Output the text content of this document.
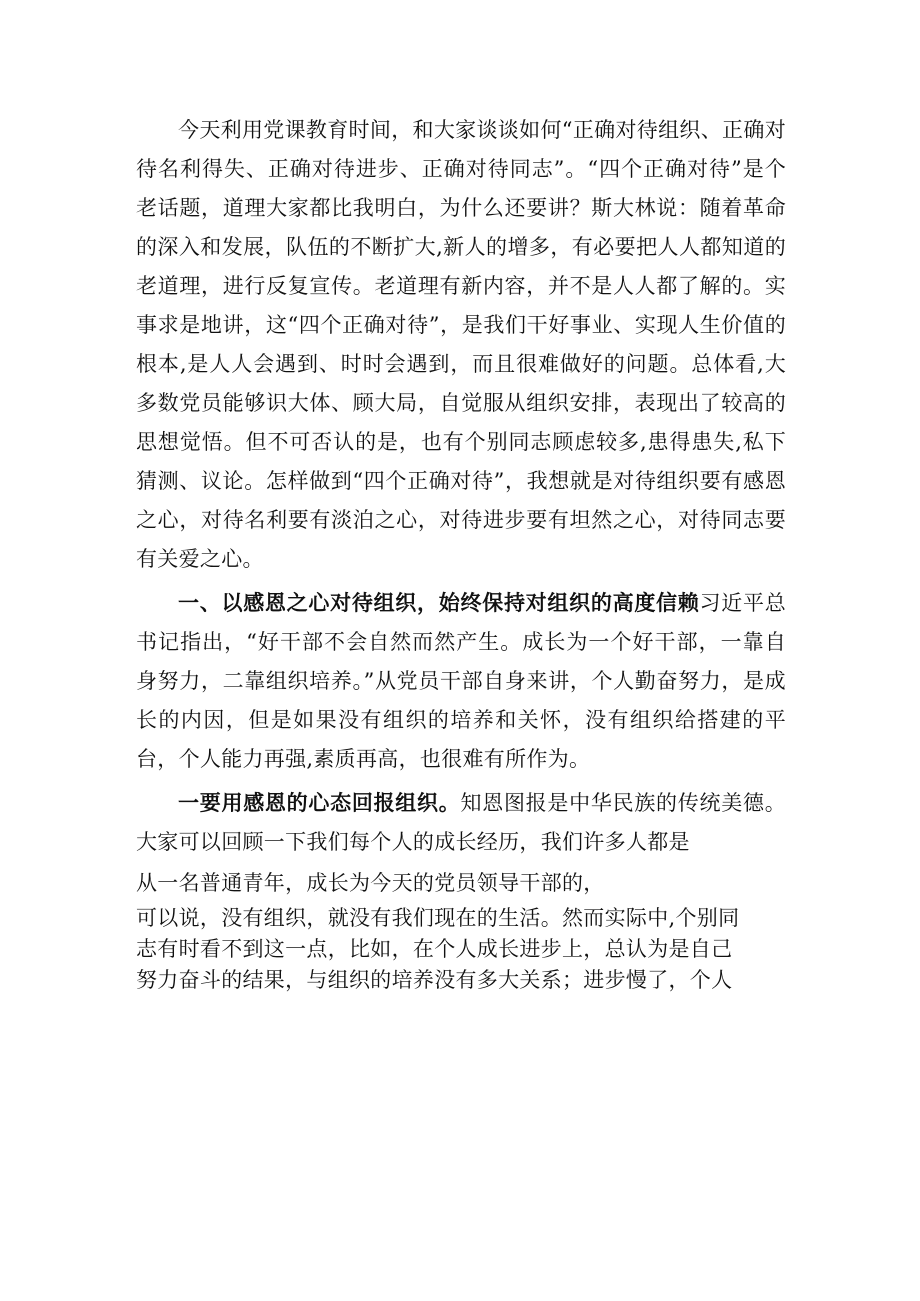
今天利用党课教育时间，和大家谈谈如何“正确对待组织、正确对待名利得失、正确对待进步、正确对待同志”。“四个正确对待”是个老话题，道理大家都比我明白，为什么还要讲？斯大林说：随着革命的深入和发展，队伍的不断扩大,新人的增多，有必要把人人都知道的老道理，进行反复宣传。老道理有新内容，并不是人人都了解的。实事求是地讲，这“四个正确对待”，是我们干好事业、实现人生价值的根本,是人人会遇到、时时会遇到，而且很难做好的问题。总体看,大多数党员能够识大体、顾大局，自觉服从组织安排，表现出了较高的思想觉悟。但不可否认的是，也有个别同志顾虑较多,患得患失,私下猜测、议论。怎样做到“四个正确对待”，我想就是对待组织要有感恩之心，对待名利要有淡泊之心，对待进步要有坦然之心，对待同志要有关爱之心。

一、以感恩之心对待组织，始终保持对组织的高度信赖习近平总书记指出，“好干部不会自然而然产生。成长为一个好干部，一靠自身努力，二靠组织培养。”从党员干部自身来讲，个人勤奋努力，是成长的内因，但是如果没有组织的培养和关怀，没有组织给搭建的平台，个人能力再强,素质再高，也很难有所作为。

一要用感恩的心态回报组织。知恩图报是中华民族的传统美德。大家可以回顾一下我们每个人的成长经历，我们许多人都是

从一名普通青年，成长为今天的党员领导干部的，

可以说，没有组织，就没有我们现在的生活。然而实际中,个别同

志有时看不到这一点，比如，在个人成长进步上，总认为是自己

努力奋斗的结果，与组织的培养没有多大关系；进步慢了，个人
